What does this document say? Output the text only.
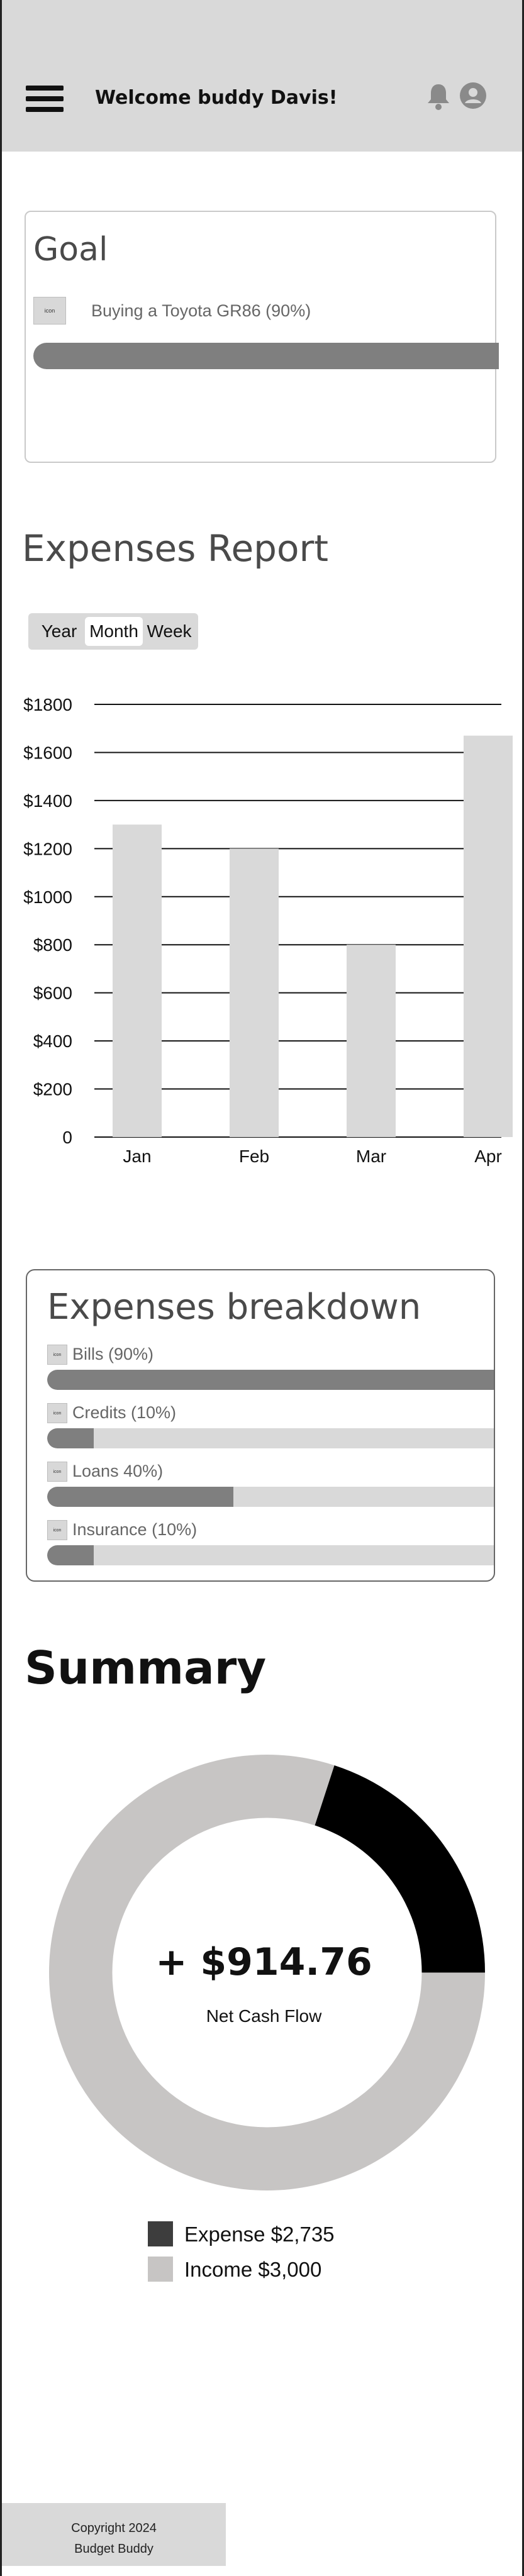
Welcome buddy Davis!
Goal
icon	Buying a Toyota GR86 (90%)
Expenses Report
Year Month Week
0
$200
$400
$600
$800
$1000
$1200
$1400
$1600
$1800
Jan	Feb	Mar	Apr
Expenses breakdown
icon Bills (90%)
icon Credits (10%)
icon Loans 40%)
icon Insurance (10%)
Summary
+ $914.76
Net Cash Flow
Expense $2,735
Income $3,000
Copyright 2024
Budget Buddy
